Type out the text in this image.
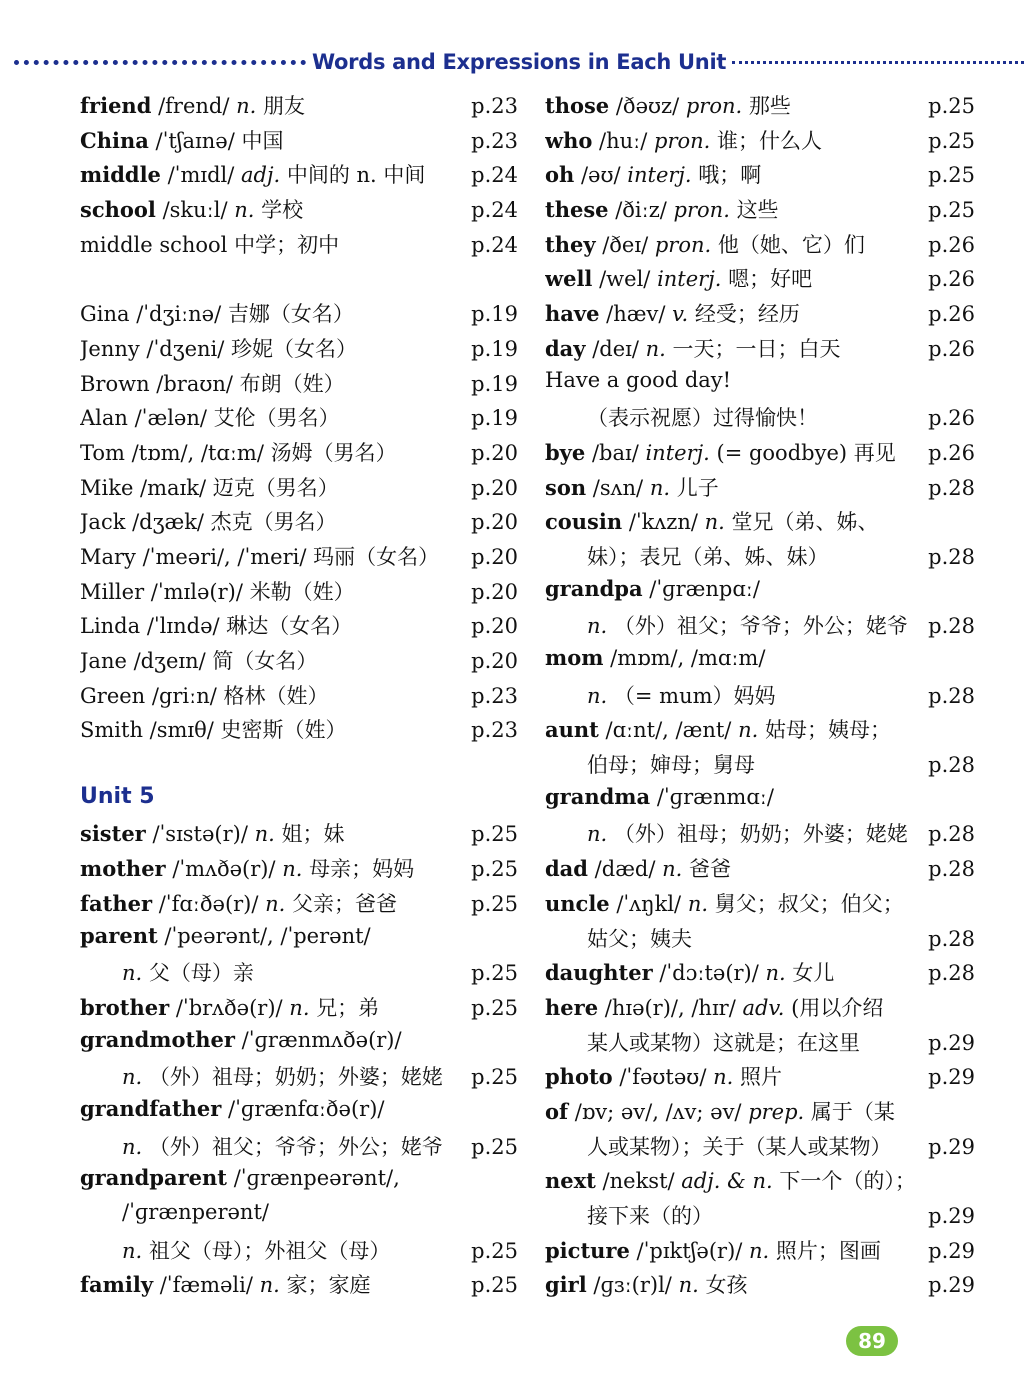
Words and Expressions in Each Unit
friend /frend/ n. 朋友	p.23
China /ˈtʃaɪnə/ 中国	p.23
middle /ˈmɪdl/ adj. 中间的 n. 中间	p.24
school /skuːl/ n. 学校	p.24
middle school 中学；初中	p.24
Gina /ˈdʒiːnə/ 吉娜（女名）	p.19
Jenny /ˈdʒeni/ 珍妮（女名）	p.19
Brown /braʊn/ 布朗（姓）	p.19
Alan /ˈælən/ 艾伦（男名）	p.19
Tom /tɒm/, /tɑːm/ 汤姆（男名）	p.20
Mike /maɪk/ 迈克（男名）	p.20
Jack /dʒæk/ 杰克（男名）	p.20
Mary /ˈmeəri/, /ˈmeri/ 玛丽（女名）	p.20
Miller /ˈmɪlə(r)/ 米勒（姓）	p.20
Linda /ˈlɪndə/ 琳达（女名）	p.20
Jane /dʒeɪn/ 简（女名）	p.20
Green /griːn/ 格林（姓）	p.23
Smith /smɪθ/ 史密斯（姓）	p.23
Unit 5
sister /ˈsɪstə(r)/ n. 姐；妹	p.25
mother /ˈmʌðə(r)/ n. 母亲；妈妈	p.25
father /ˈfɑːðə(r)/ n. 父亲；爸爸	p.25
parent /ˈpeərənt/, /ˈperənt/
n. 父（母）亲	p.25
brother /ˈbrʌðə(r)/ n. 兄；弟	p.25
grandmother /ˈɡrænmʌðə(r)/
n. （外）祖母；奶奶；外婆；姥姥	p.25
grandfather /ˈɡrænfɑːðə(r)/
n. （外）祖父；爷爷；外公；姥爷	p.25
grandparent /ˈɡrænpeərənt/,
/ˈɡrænperənt/
n. 祖父（母）；外祖父（母）	p.25
family /ˈfæməli/ n. 家；家庭	p.25
those /ðəʊz/ pron. 那些	p.25
who /huː/ pron. 谁；什么人	p.25
oh /əʊ/ interj. 哦；啊	p.25
these /ðiːz/ pron. 这些	p.25
they /ðeɪ/ pron. 他（她、它）们	p.26
well /wel/ interj. 嗯；好吧	p.26
have /hæv/ v. 经受；经历	p.26
day /deɪ/ n. 一天；一日；白天	p.26
Have a good day!
（表示祝愿）过得愉快！	p.26
bye /baɪ/ interj. (= goodbye) 再见	p.26
son /sʌn/ n. 儿子	p.28
cousin /ˈkʌzn/ n. 堂兄（弟、姊、
妹）；表兄（弟、姊、妹）	p.28
grandpa /ˈɡrænpɑː/
n. （外）祖父；爷爷；外公；姥爷 p.28
mom /mɒm/, /mɑːm/
n. （= mum）妈妈	p.28
aunt /ɑːnt/, /ænt/ n. 姑母；姨母；
伯母；婶母；舅母	p.28
grandma /ˈɡrænmɑː/
n. （外）祖母；奶奶；外婆；姥姥 p.28
dad /dæd/ n. 爸爸	p.28
uncle /ˈʌŋkl/ n. 舅父；叔父；伯父；
姑父；姨夫	p.28
daughter /ˈdɔːtə(r)/ n. 女儿	p.28
here /hɪə(r)/, /hɪr/ adv. (用以介绍
某人或某物）这就是；在这里	p.29
photo /ˈfəʊtəʊ/ n. 照片	p.29
of /ɒv; əv/, /ʌv; əv/ prep. 属于（某
人或某物）；关于（某人或某物）	p.29
next /nekst/ adj. & n. 下一个（的）；
接下来（的）	p.29
picture /ˈpɪktʃə(r)/ n. 照片；图画	p.29
girl /ɡɜː(r)l/ n. 女孩	p.29
89
